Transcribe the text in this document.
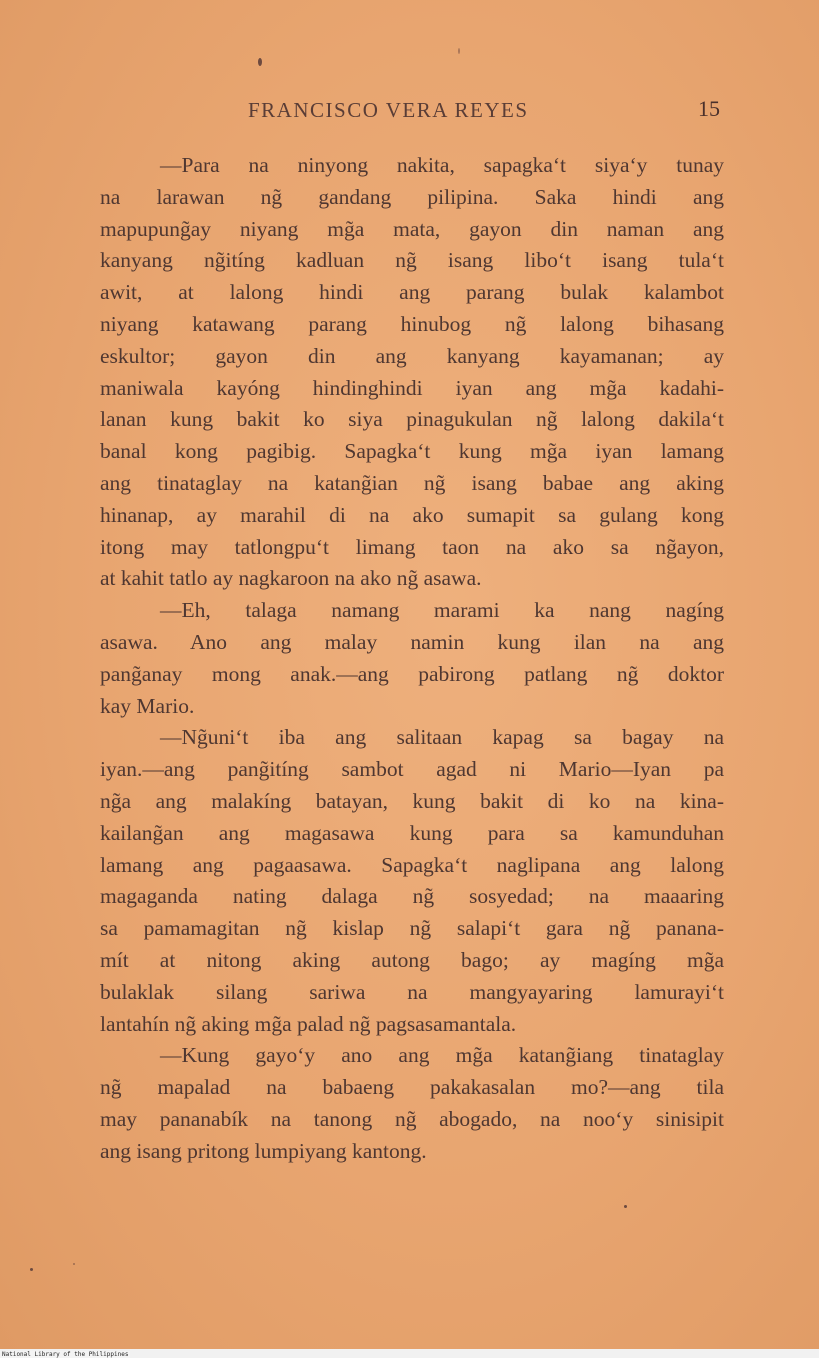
FRANCISCO VERA REYES	15
—Para na ninyong nakita, sapagka‘t siya‘y tunay
na larawan ng̃ gandang pilipina. Saka hindi ang
mapupung̃ay niyang mg̃a mata, gayon din naman ang
kanyang ng̃itíng kadluan ng̃ isang libo‘t isang tula‘t
awit, at lalong hindi ang parang bulak kalambot
niyang katawang parang hinubog ng̃ lalong bihasang
eskultor; gayon din ang kanyang kayamanan; ay
maniwala kayóng hindinghindi iyan ang mg̃a kadahi-
lanan kung bakit ko siya pinagukulan ng̃ lalong dakila‘t
banal kong pagibig. Sapagka‘t kung mg̃a iyan lamang
ang tinataglay na katang̃ian ng̃ isang babae ang aking
hinanap, ay marahil di na ako sumapit sa gulang kong
itong may tatlongpu‘t limang taon na ako sa ng̃ayon,
at kahit tatlo ay nagkaroon na ako ng̃ asawa.
—Eh, talaga namang marami ka nang nagíng
asawa. Ano ang malay namin kung ilan na ang
pang̃anay mong anak.—ang pabirong patlang ng̃ doktor
kay Mario.
—Ng̃uni‘t iba ang salitaan kapag sa bagay na
iyan.—ang pang̃itíng sambot agad ni Mario—Iyan pa
ng̃a ang malakíng batayan, kung bakit di ko na kina-
kailang̃an ang magasawa kung para sa kamunduhan
lamang ang pagaasawa. Sapagka‘t naglipana ang lalong
magaganda nating dalaga ng̃ sosyedad; na maaaring
sa pamamagitan ng̃ kislap ng̃ salapi‘t gara ng̃ panana-
mít at nitong aking autong bago; ay magíng mg̃a
bulaklak silang sariwa na mangyayaring lamurayi‘t
lantahín ng̃ aking mg̃a palad ng̃ pagsasamantala.
—Kung gayo‘y ano ang mg̃a katang̃iang tinataglay
ng̃ mapalad na babaeng pakakasalan mo?—ang tila
may pananabík na tanong ng̃ abogado, na noo‘y sinisipit
ang isang pritong lumpiyang kantong.
National Library of the Philippines
